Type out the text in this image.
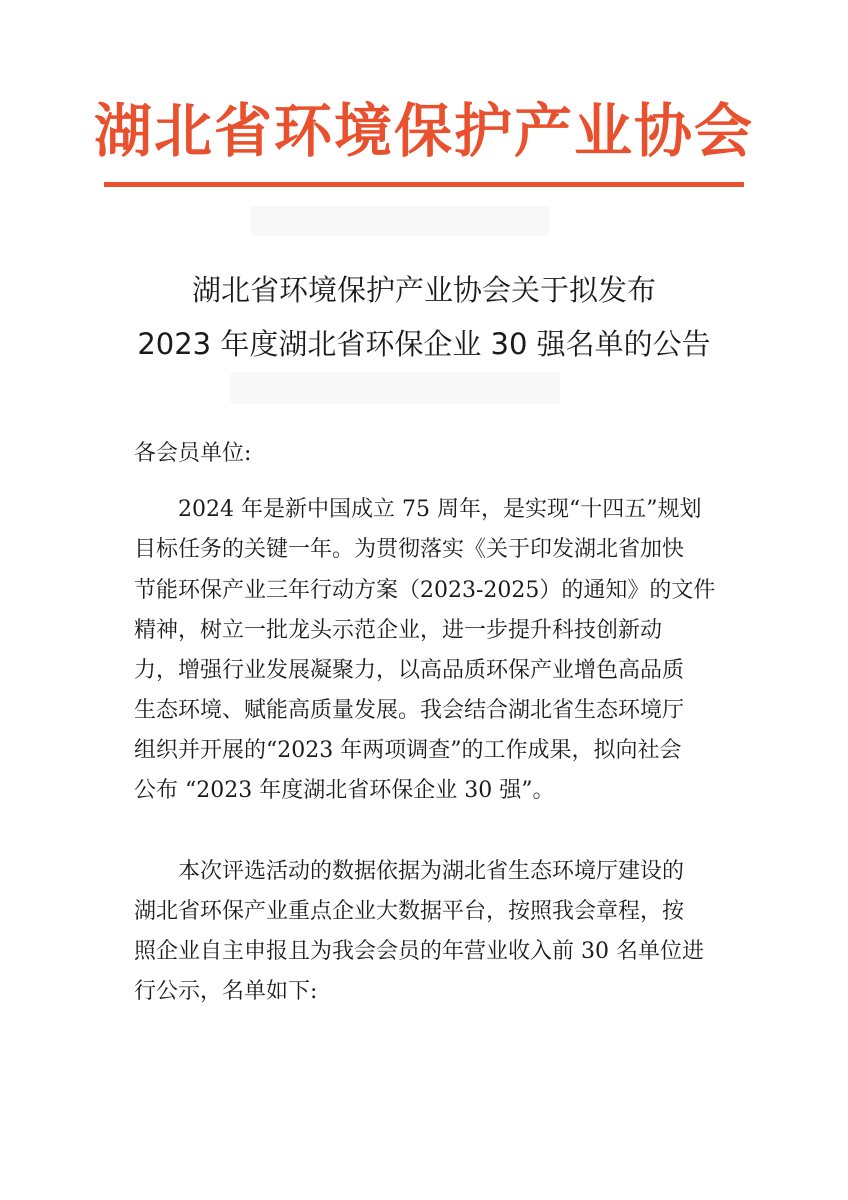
湖北省环境保护产业协会
湖北省环境保护产业协会关于拟发布
2023 年度湖北省环保企业 30 强名单的公告
各会员单位:
2024 年是新中国成立 75 周年，是实现“十四五”规划
目标任务的关键一年。为贯彻落实《关于印发湖北省加快
节能环保产业三年行动方案（2023-2025）的通知》的文件
精神，树立一批龙头示范企业，进一步提升科技创新动
力，增强行业发展凝聚力，以高品质环保产业增色高品质
生态环境、赋能高质量发展。我会结合湖北省生态环境厅
组织并开展的“2023 年两项调查”的工作成果，拟向社会
公布 “2023 年度湖北省环保企业 30 强”。
本次评选活动的数据依据为湖北省生态环境厅建设的
湖北省环保产业重点企业大数据平台，按照我会章程，按
照企业自主申报且为我会会员的年营业收入前 30 名单位进
行公示，名单如下:
